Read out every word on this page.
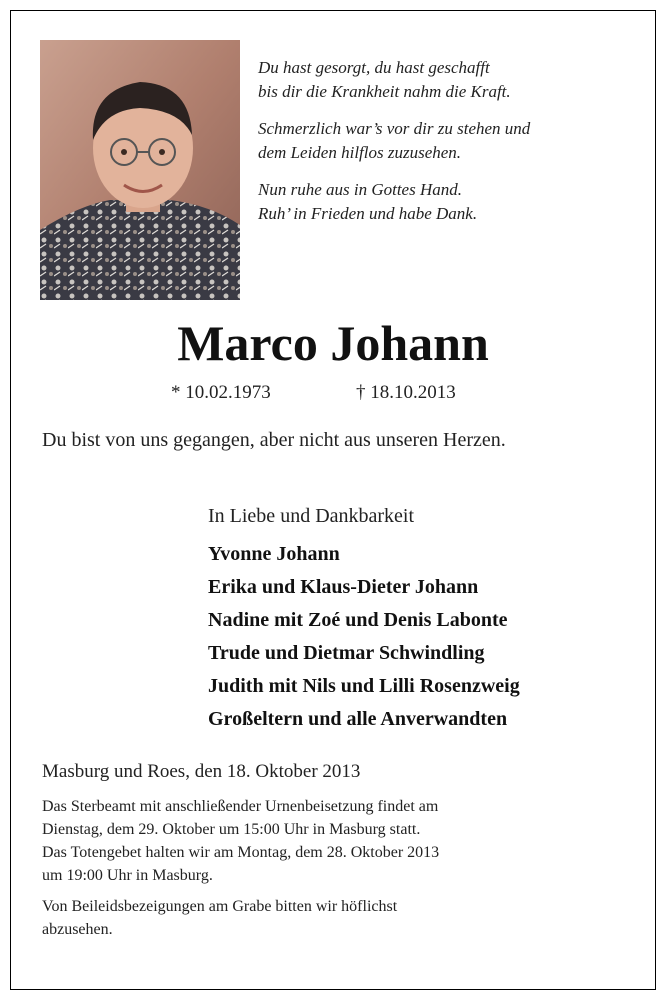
Du hast gesorgt, du hast geschafft
bis dir die Krankheit nahm die Kraft.
Schmerzlich war’s vor dir zu stehen und
dem Leiden hilflos zuzusehen.
Nun ruhe aus in Gottes Hand.
Ruh’ in Frieden und habe Dank.
Marco Johann
* 10.02.1973	† 18.10.2013
Du bist von uns gegangen, aber nicht aus unseren Herzen.
In Liebe und Dankbarkeit
Yvonne Johann
Erika und Klaus-Dieter Johann
Nadine mit Zoé und Denis Labonte
Trude und Dietmar Schwindling
Judith mit Nils und Lilli Rosenzweig
Großeltern und alle Anverwandten
Masburg und Roes, den 18. Oktober 2013

Das Sterbeamt mit anschließender Urnenbeisetzung findet am
Dienstag, dem 29. Oktober um 15:00 Uhr in Masburg statt.
Das Totengebet halten wir am Montag, dem 28. Oktober 2013
um 19:00 Uhr in Masburg.

Von Beileidsbezeigungen am Grabe bitten wir höflichst
abzusehen.
